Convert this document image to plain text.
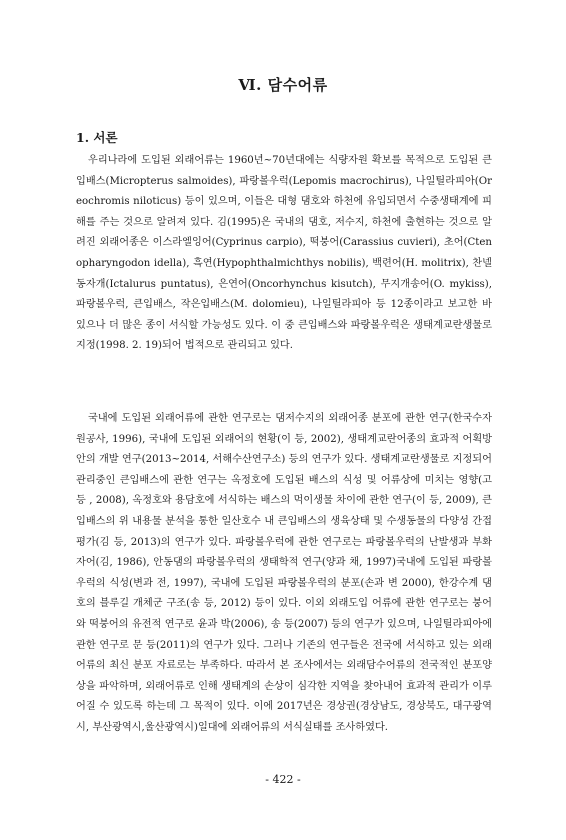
Ⅵ. 담수어류
1. 서론

우리나라에 도입된 외래어류는 1960년~70년대에는 식량자원 확보를 목적으로 도입된 큰입배스(Micropterus salmoides), 파랑볼우럭(Lepomis macrochirus), 나일틸라피아(Oreochromis niloticus) 등이 있으며, 이들은 대형 댐호와 하천에 유입되면서 수중생태계에 피해를 주는 것으로 알려져 있다. 김(1995)은 국내의 댐호, 저수지, 하천에 출현하는 것으로 알려진 외래어종은 이스라엘잉어(Cyprinus carpio), 떡붕어(Carassius cuvieri), 초어(Ctenopharyngodon idella), 흑연(Hypophthalmichthys nobilis), 백련어(H. molitrix), 찬넬동자개(Ictalurus puntatus), 은연어(Oncorhynchus kisutch), 무지개송어(O. mykiss), 파랑볼우럭, 큰입배스, 작은입배스(M. dolomieu), 나일틸라피아 등 12종이라고 보고한 바 있으나 더 많은 종이 서식할 가능성도 있다. 이 중 큰입배스와 파랑볼우럭은 생태계교란생물로 지정(1998. 2. 19)되어 법적으로 관리되고 있다.

국내에 도입된 외래어류에 관한 연구로는 댐저수지의 외래어종 분포에 관한 연구(한국수자원공사, 1996), 국내에 도입된 외래어의 현황(이 등, 2002), 생태계교란어종의 효과적 어획방안의 개발 연구(2013~2014, 서해수산연구소) 등의 연구가 있다. 생태계교란생물로 지정되어 관리중인 큰입배스에 관한 연구는 옥정호에 도입된 배스의 식성 및 어류상에 미치는 영향(고 등 , 2008), 옥정호와 용담호에 서식하는 배스의 먹이생물 차이에 관한 연구(이 등, 2009), 큰입배스의 위 내용물 분석을 통한 일산호수 내 큰입배스의 생육상태 및 수생동물의 다양성 간접평가(김 등, 2013)의 연구가 있다. 파랑볼우럭에 관한 연구로는 파랑볼우럭의 난발생과 부화자어(김, 1986), 안동댐의 파랑볼우럭의 생태학적 연구(양과 채, 1997)국내에 도입된 파랑볼우럭의 식성(변과 전, 1997), 국내에 도입된 파랑볼우럭의 분포(손과 변 2000), 한강수계 댐호의 블루길 개체군 구조(송 등, 2012) 등이 있다. 이외 외래도입 어류에 관한 연구로는 붕어와 떡붕어의 유전적 연구로 윤과 박(2006), 송 등(2007) 등의 연구가 있으며, 나일틸라피아에 관한 연구로 문 등(2011)의 연구가 있다. 그러나 기존의 연구들은 전국에 서식하고 있는 외래어류의 최신 분포 자료로는 부족하다. 따라서 본 조사에서는 외래담수어류의 전국적인 분포양상을 파악하며, 외래어류로 인해 생태계의 손상이 심각한 지역을 찾아내어 효과적 관리가 이루어질 수 있도록 하는데 그 목적이 있다. 이에 2017년은 경상권(경상남도, 경상북도, 대구광역시, 부산광역시,울산광역시)일대에 외래어류의 서식실태를 조사하였다.

- 422 -
